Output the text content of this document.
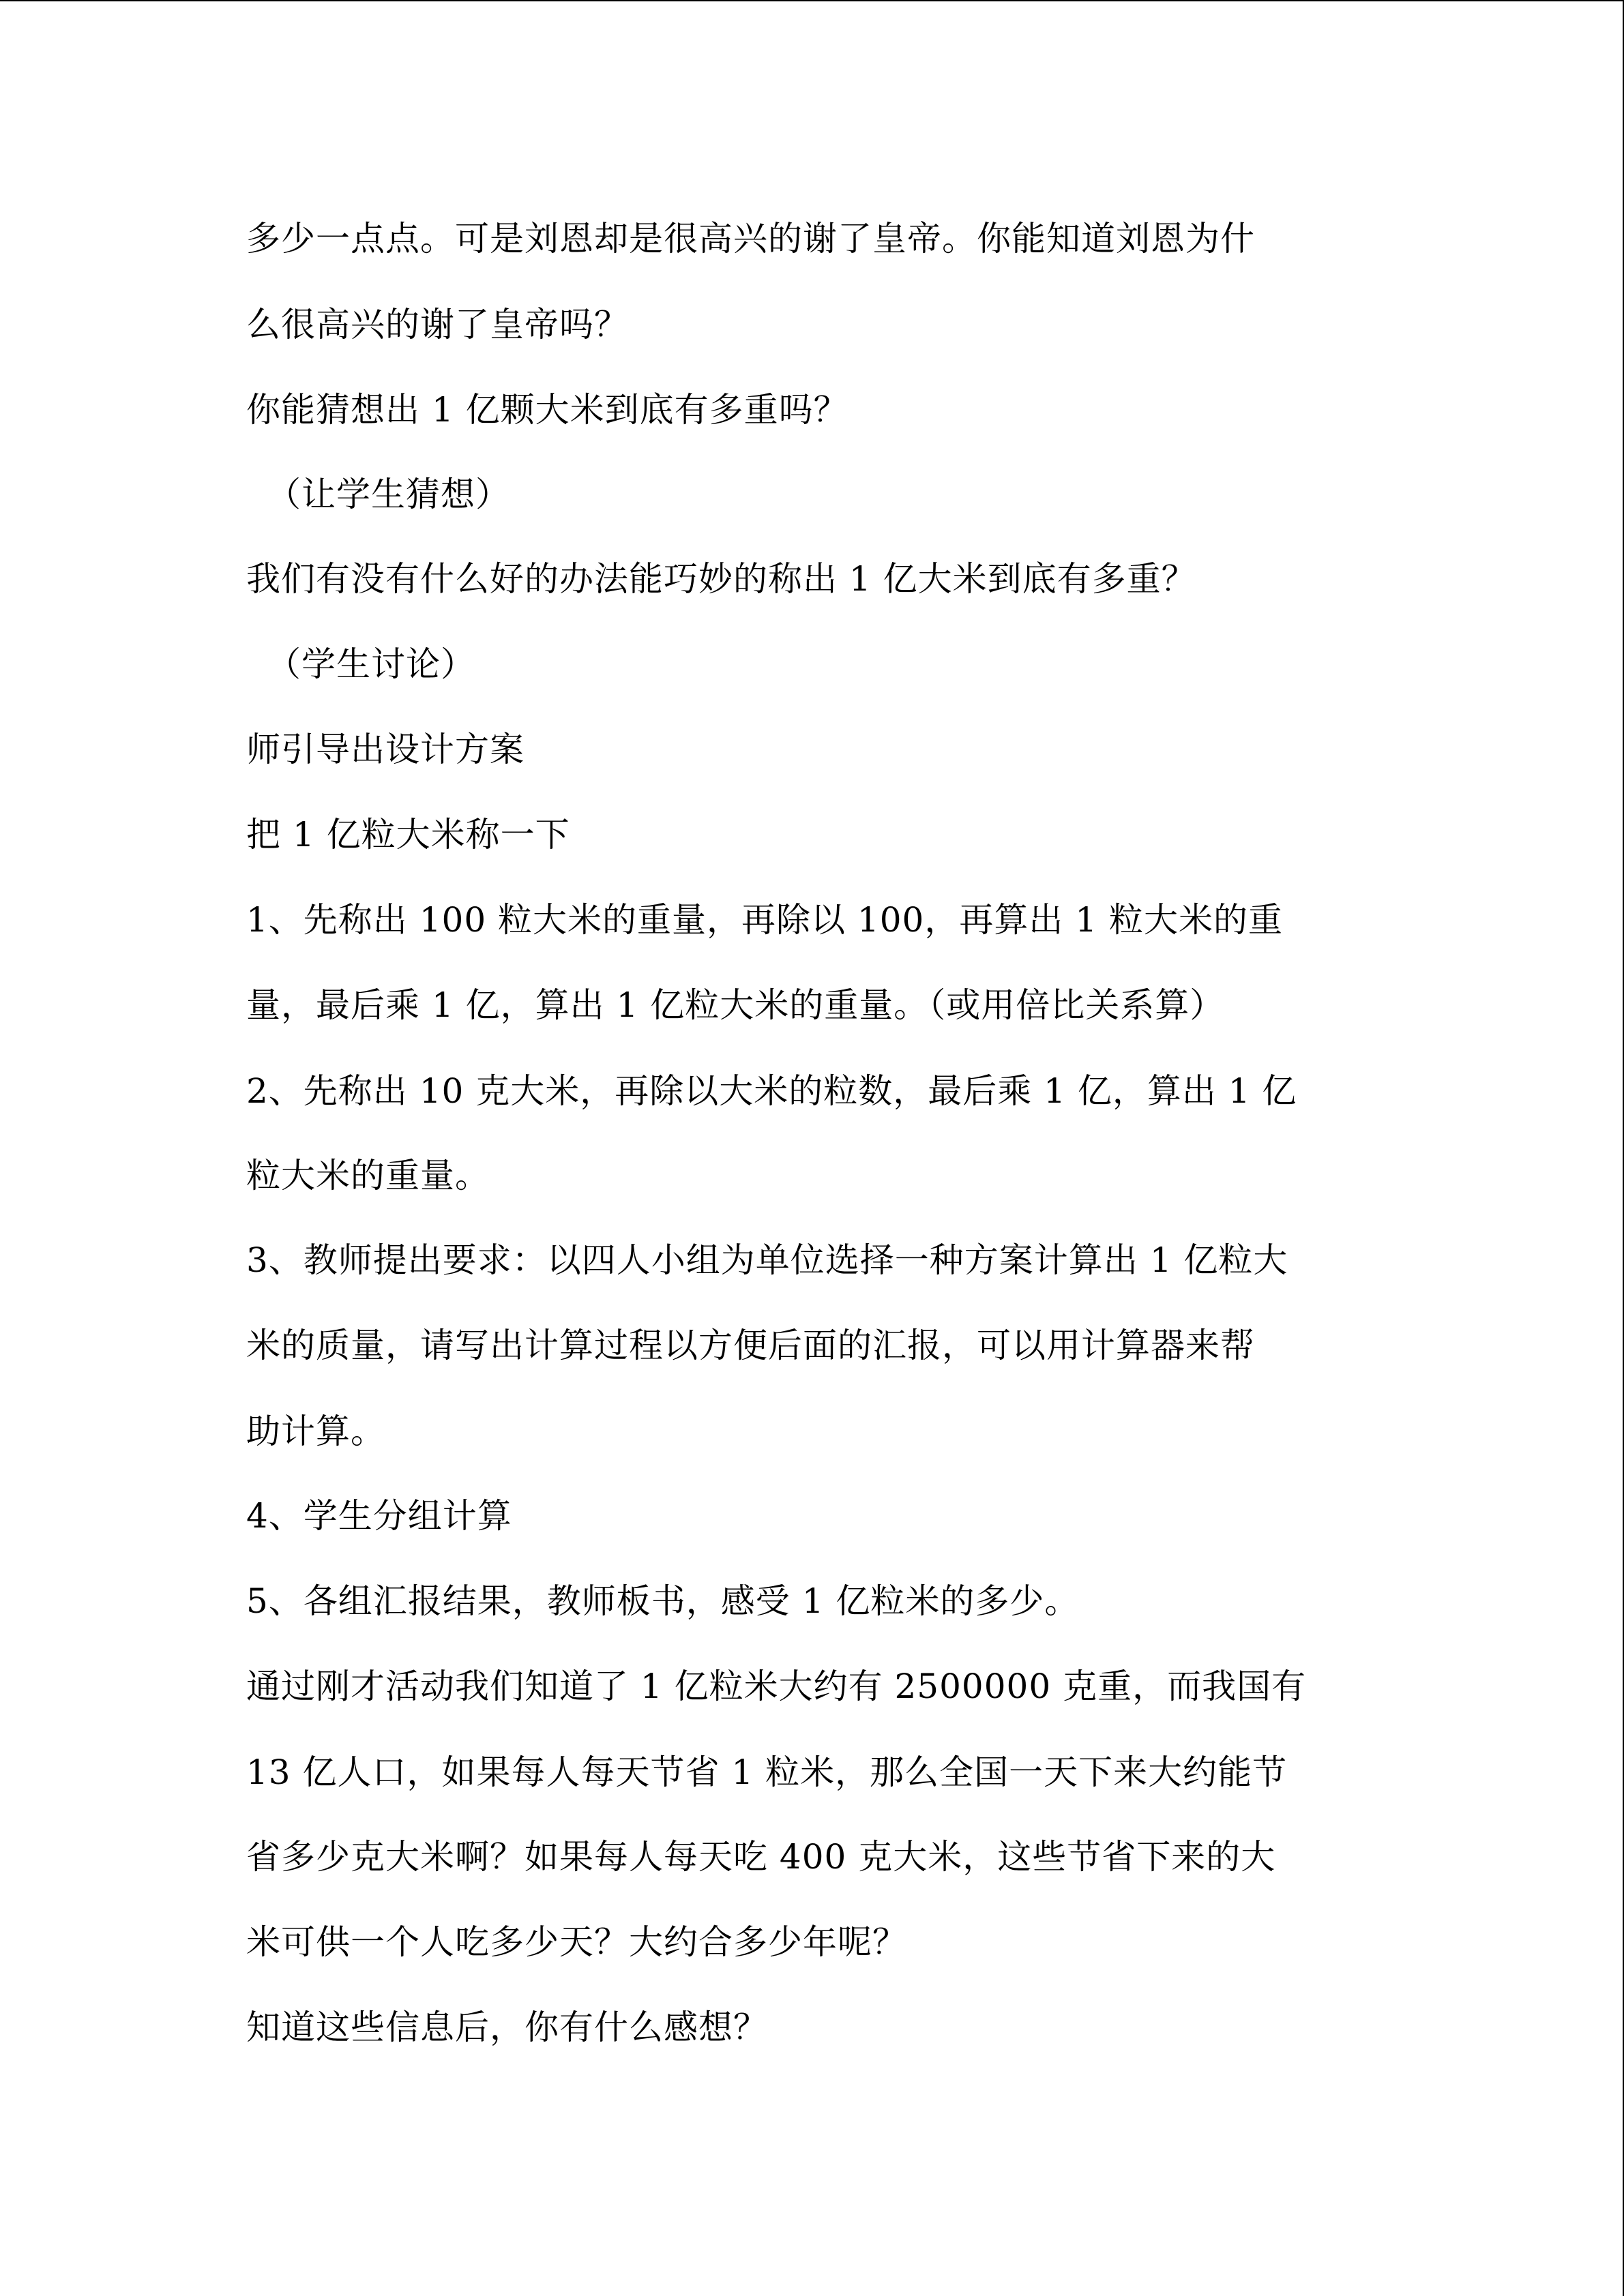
多少一点点。可是刘恩却是很高兴的谢了皇帝。你能知道刘恩为什

么很高兴的谢了皇帝吗？

你能猜想出 1 亿颗大米到底有多重吗？

（让学生猜想）

我们有没有什么好的办法能巧妙的称出 1 亿大米到底有多重？

（学生讨论）

师引导出设计方案

把 1 亿粒大米称一下

1、先称出 100 粒大米的重量，再除以 100，再算出 1 粒大米的重

量，最后乘 1 亿，算出 1 亿粒大米的重量。（或用倍比关系算）

2、先称出 10 克大米，再除以大米的粒数，最后乘 1 亿，算出 1 亿

粒大米的重量。

3、教师提出要求：以四人小组为单位选择一种方案计算出 1 亿粒大

米的质量，请写出计算过程以方便后面的汇报，可以用计算器来帮

助计算。

4、学生分组计算

5、各组汇报结果，教师板书，感受 1 亿粒米的多少。

通过刚才活动我们知道了 1 亿粒米大约有 2500000 克重，而我国有

13 亿人口，如果每人每天节省 1 粒米，那么全国一天下来大约能节

省多少克大米啊？如果每人每天吃 400 克大米，这些节省下来的大

米可供一个人吃多少天？大约合多少年呢？

知道这些信息后，你有什么感想？
